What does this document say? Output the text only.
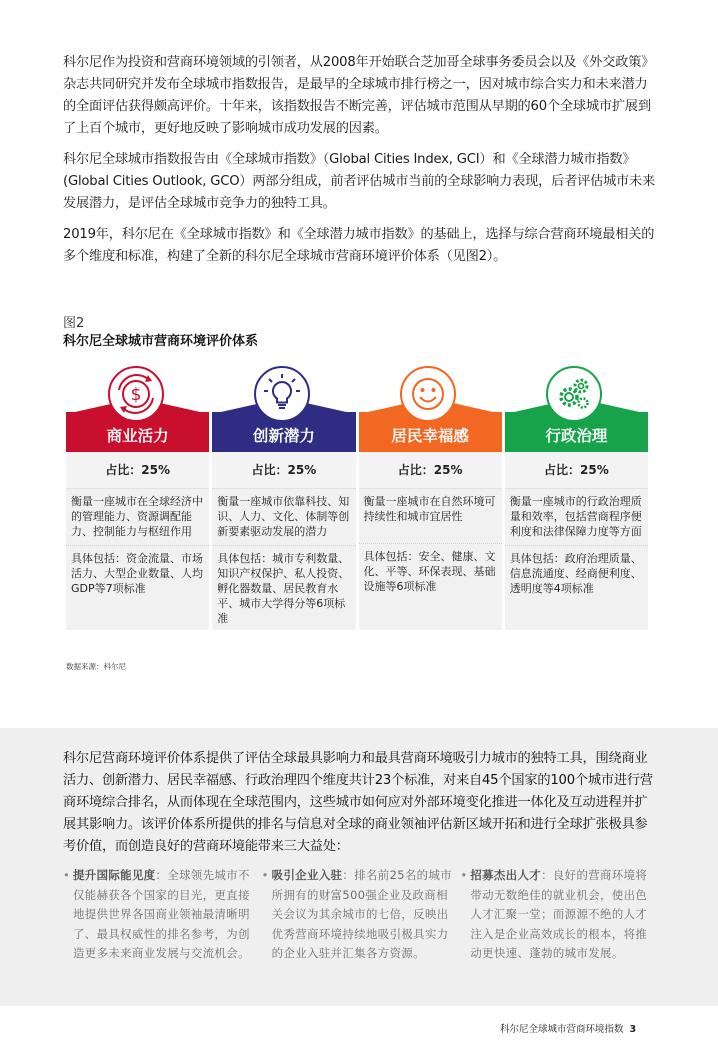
科尔尼作为投资和营商环境领域的引领者，从2008年开始联合芝加哥全球事务委员会以及《外交政策》杂志共同研究并发布全球城市指数报告，是最早的全球城市排行榜之一，因对城市综合实力和未来潜力的全面评估获得颇高评价。十年来，该指数报告不断完善，评估城市范围从早期的60个全球城市扩展到了上百个城市，更好地反映了影响城市成功发展的因素。

科尔尼全球城市指数报告由《全球城市指数》（Global Cities Index, GCI）和《全球潜力城市指数》(Global Cities Outlook, GCO）两部分组成，前者评估城市当前的全球影响力表现，后者评估城市未来发展潜力，是评估全球城市竞争力的独特工具。

2019年，科尔尼在《全球城市指数》和《全球潜力城市指数》的基础上，选择与综合营商环境最相关的多个维度和标准，构建了全新的科尔尼全球城市营商环境评价体系（见图2）。

图2
科尔尼全球城市营商环境评价体系
$
商业活力
占比：25%
衡量一座城市在全球经济中的管理能力、资源调配能力、控制能力与枢纽作用
具体包括：资金流量、市场活力、大型企业数量、人均GDP等7项标准
创新潜力
占比：25%
衡量一座城市依靠科技、知识、人力、文化、体制等创新要素驱动发展的潜力
具体包括：城市专利数量、知识产权保护、私人投资、孵化器数量、居民教育水平、城市大学得分等6项标准
居民幸福感
占比：25%
衡量一座城市在自然环境可持续性和城市宜居性
具体包括：安全、健康、文化、平等、环保表现、基础设施等6项标准
行政治理
占比：25%
衡量一座城市的行政治理质量和效率，包括营商程序便利度和法律保障力度等方面
具体包括：政府治理质量、信息流通度、经商便利度、透明度等4项标准
数据来源：科尔尼
科尔尼营商环境评价体系提供了评估全球最具影响力和最具营商环境吸引力城市的独特工具，围绕商业活力、创新潜力、居民幸福感、行政治理四个维度共计23个标准，对来自45个国家的100个城市进行营商环境综合排名，从而体现在全球范围内，这些城市如何应对外部环境变化推进一体化及互动进程并扩展其影响力。该评价体系所提供的排名与信息对全球的商业领袖评估新区域开拓和进行全球扩张极具参考价值，而创造良好的营商环境能带来三大益处：
• 提升国际能见度：全球领先城市不仅能赫获各个国家的目光，更直接地提供世界各国商业领袖最清晰明了、最具权威性的排名参考，为创造更多未来商业发展与交流机会。
• 吸引企业入驻：排名前25名的城市所拥有的财富500强企业及政商相关会议为其余城市的七倍，反映出优秀营商环境持续地吸引极具实力的企业入驻并汇集各方资源。
• 招募杰出人才：良好的营商环境将带动无数绝佳的就业机会，使出色人才汇聚一堂；而源源不绝的人才注入是企业高效成长的根本，将推动更快速、蓬勃的城市发展。
科尔尼全球城市营商环境指数 3
